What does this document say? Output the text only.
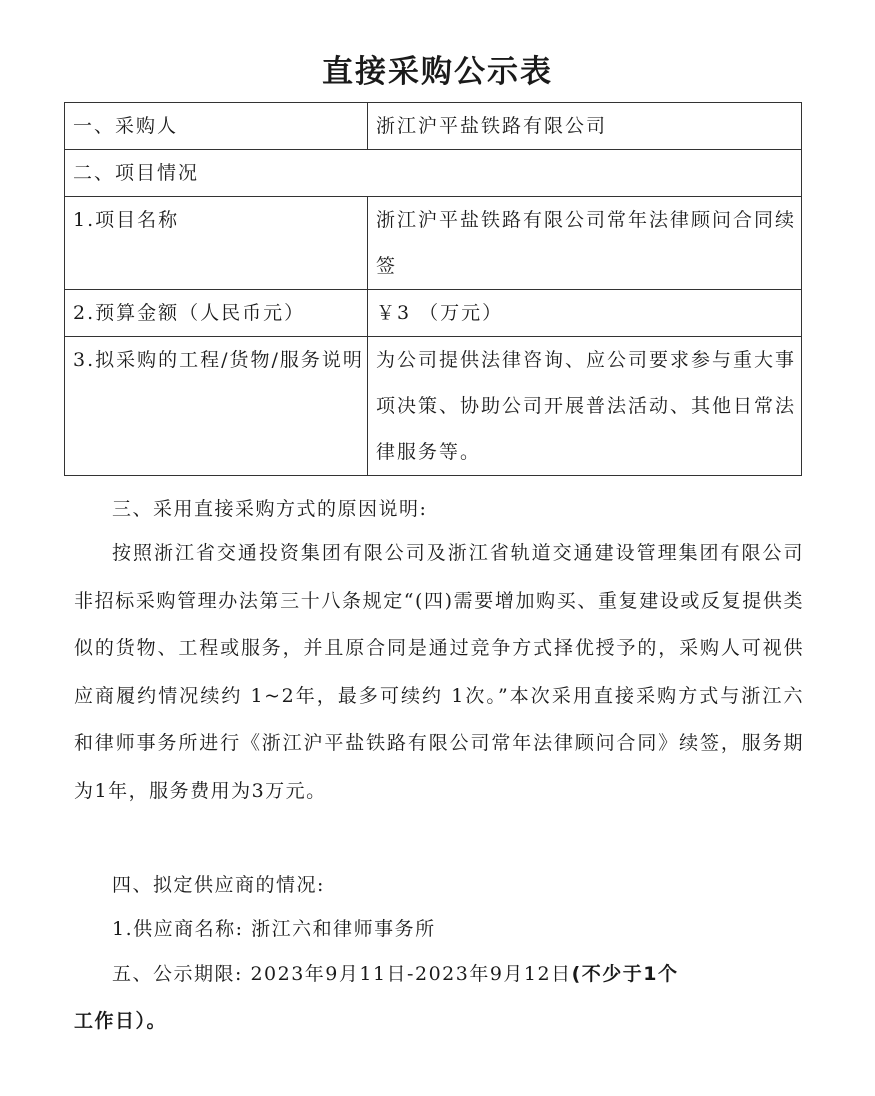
直接采购公示表
一、采购人	浙江沪平盐铁路有限公司
二、项目情况	
1.项目名称	浙江沪平盐铁路有限公司常年法律顾问合同续签
2.预算金额（人民币元）	￥3 （万元）
3.拟采购的工程/货物/服务说明	为公司提供法律咨询、应公司要求参与重大事项决策、协助公司开展普法活动、其他日常法律服务等。
三、采用直接采购方式的原因说明:
按照浙江省交通投资集团有限公司及浙江省轨道交通建设管理集团有限公司非招标采购管理办法第三十八条规定“(四)需要增加购买、重复建设或反复提供类似的货物、工程或服务，并且原合同是通过竞争方式择优授予的，采购人可视供应商履约情况续约 1~2年，最多可续约 1次。”本次采用直接采购方式与浙江六和律师事务所进行《浙江沪平盐铁路有限公司常年法律顾问合同》续签，服务期为1年，服务费用为3万元。
四、拟定供应商的情况:
1.供应商名称: 浙江六和律师事务所
五、公示期限: 2023年9月11日-2023年9月12日(不少于1个
工作日）。
